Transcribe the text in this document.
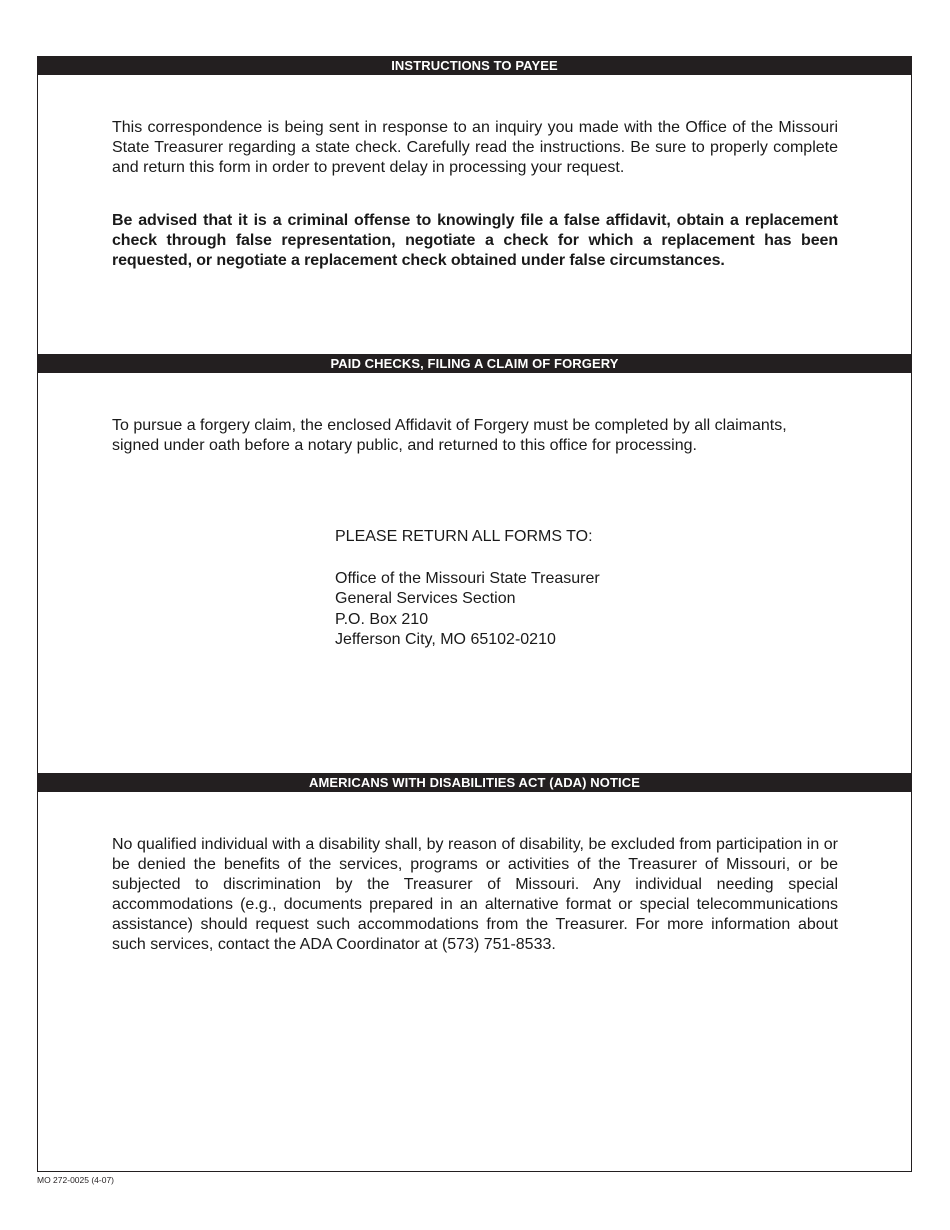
INSTRUCTIONS TO PAYEE

This correspondence is being sent in response to an inquiry you made with the Office of the Missouri State Treasurer regarding a state check. Carefully read the instructions. Be sure to properly complete and return this form in order to prevent delay in processing your request.

Be advised that it is a criminal offense to knowingly file a false affidavit, obtain a replacement check through false representation, negotiate a check for which a replacement has been requested, or negotiate a replacement check obtained under false circumstances.

PAID CHECKS, FILING A CLAIM OF FORGERY

To pursue a forgery claim, the enclosed Affidavit of Forgery must be completed by all claimants, signed under oath before a notary public, and returned to this office for processing.

PLEASE RETURN ALL FORMS TO:
Office of the Missouri State Treasurer
General Services Section
P.O. Box 210
Jefferson City, MO 65102-0210
AMERICANS WITH DISABILITIES ACT (ADA) NOTICE

No qualified individual with a disability shall, by reason of disability, be excluded from participation in or be denied the benefits of the services, programs or activities of the Treasurer of Missouri, or be subjected to discrimination by the Treasurer of Missouri. Any individual needing special accommodations (e.g., documents prepared in an alternative format or special telecommunications assistance) should request such accommodations from the Treasurer. For more information about such services, contact the ADA Coordinator at (573) 751-8533.

MO 272-0025 (4-07)
